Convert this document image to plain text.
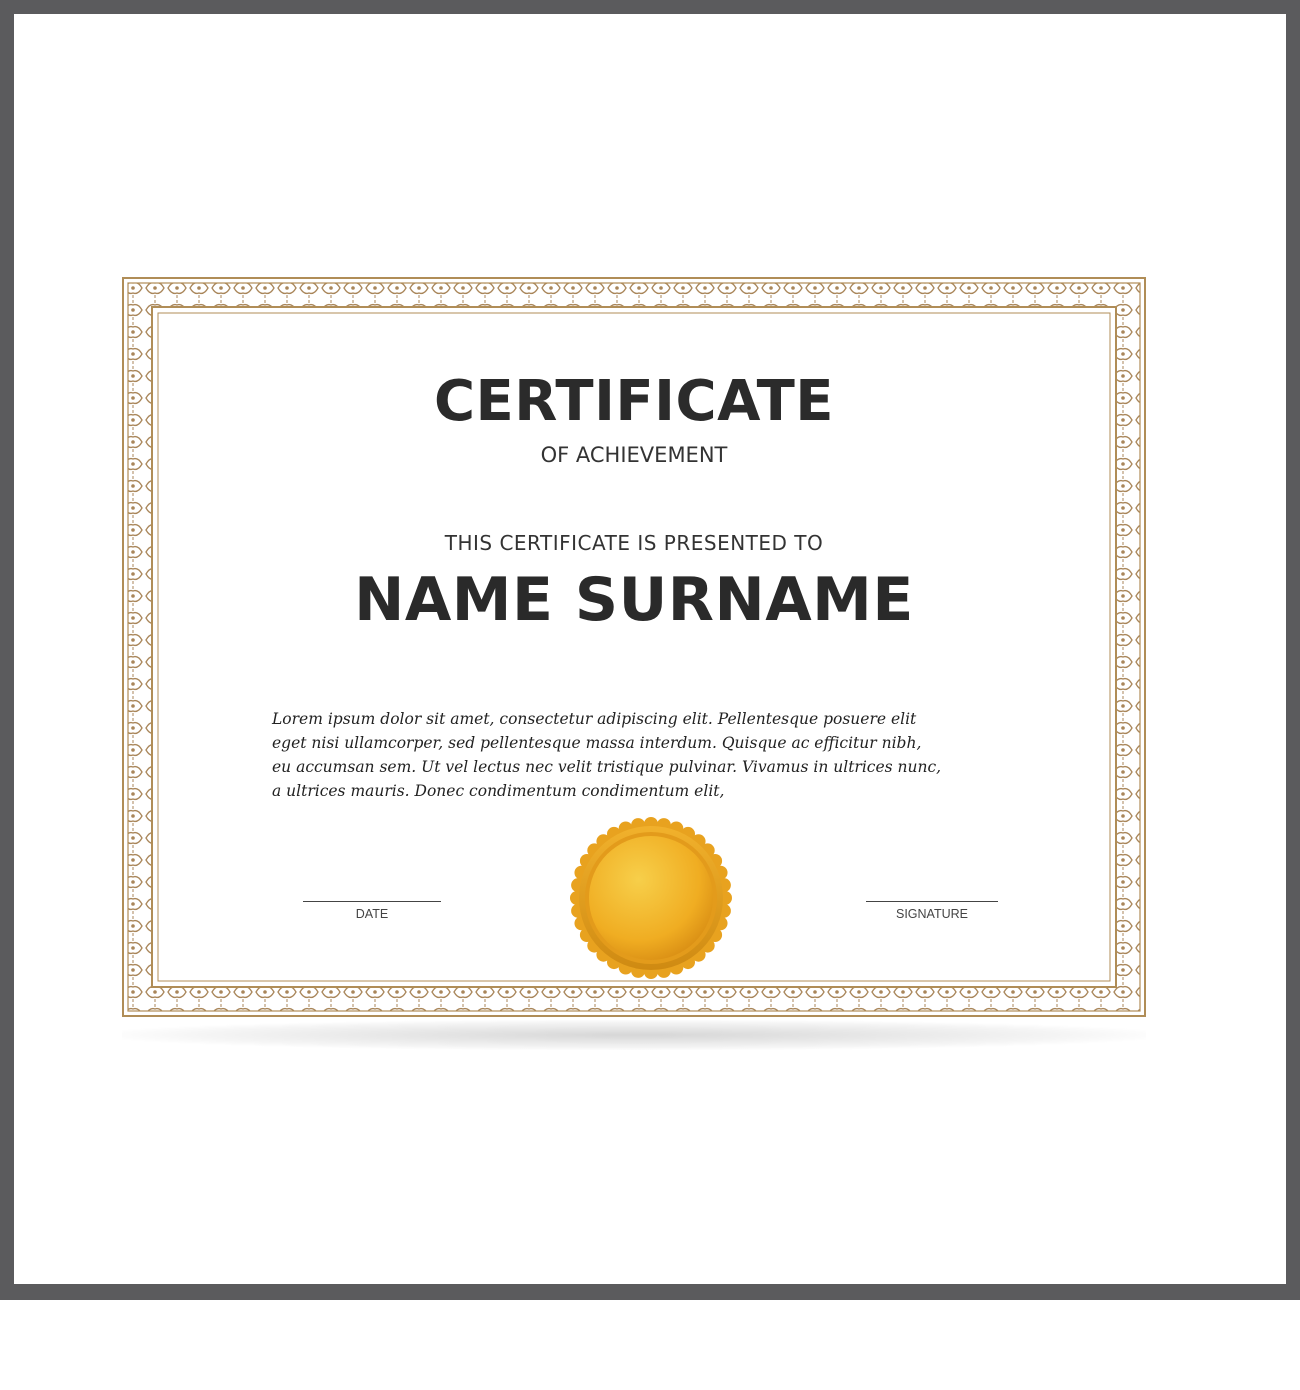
CERTIFICATE
OF ACHIEVEMENT
THIS CERTIFICATE IS PRESENTED TO
NAME SURNAME
Lorem ipsum dolor sit amet, consectetur adipiscing elit. Pellentesque posuere elit
eget nisi ullamcorper, sed pellentesque massa interdum. Quisque ac efficitur nibh,
eu accumsan sem. Ut vel lectus nec velit tristique pulvinar. Vivamus in ultrices nunc,
a ultrices mauris. Donec condimentum condimentum elit,
DATE	SIGNATURE
